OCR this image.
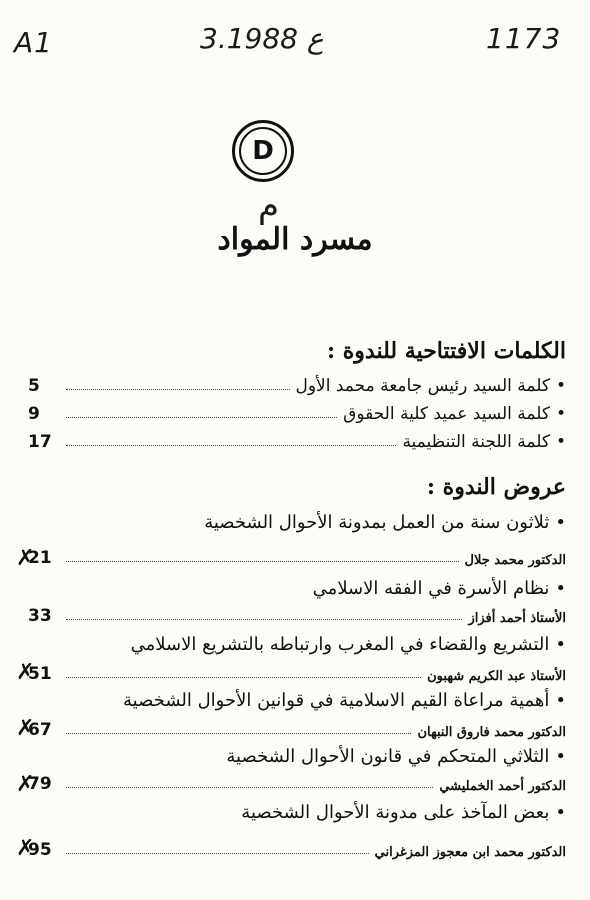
A1	3.ع 1988	1173
D
م
مسرد المواد
الكلمات الافتتاحية للندوة :
•كلمة السيد رئيس جامعة محمد الأول
5
•كلمة السيد عميد كلية الحقوق
9
•كلمة اللجنة التنظيمية
17
عروض الندوة :
•ثلاثون سنة من العمل بمدونة الأحوال الشخصية
الدكتور محمد جلال
21
✗
•نظام الأسرة في الفقه الاسلامي
الأستاذ أحمد أفزاز
33
•التشريع والقضاء في المغرب وارتباطه بالتشريع الاسلامي
الأستاذ عبد الكريم شهبون
51
✗
•أهمية مراعاة القيم الاسلامية في قوانين الأحوال الشخصية
الدكتور محمد فاروق النبهان
67
✗
•الثلاثي المتحكم في قانون الأحوال الشخصية
الدكتور أحمد الخمليشي
79
✗
•بعض المآخذ على مدونة الأحوال الشخصية
الدكتور محمد ابن معجوز المزغراني
95
✗
